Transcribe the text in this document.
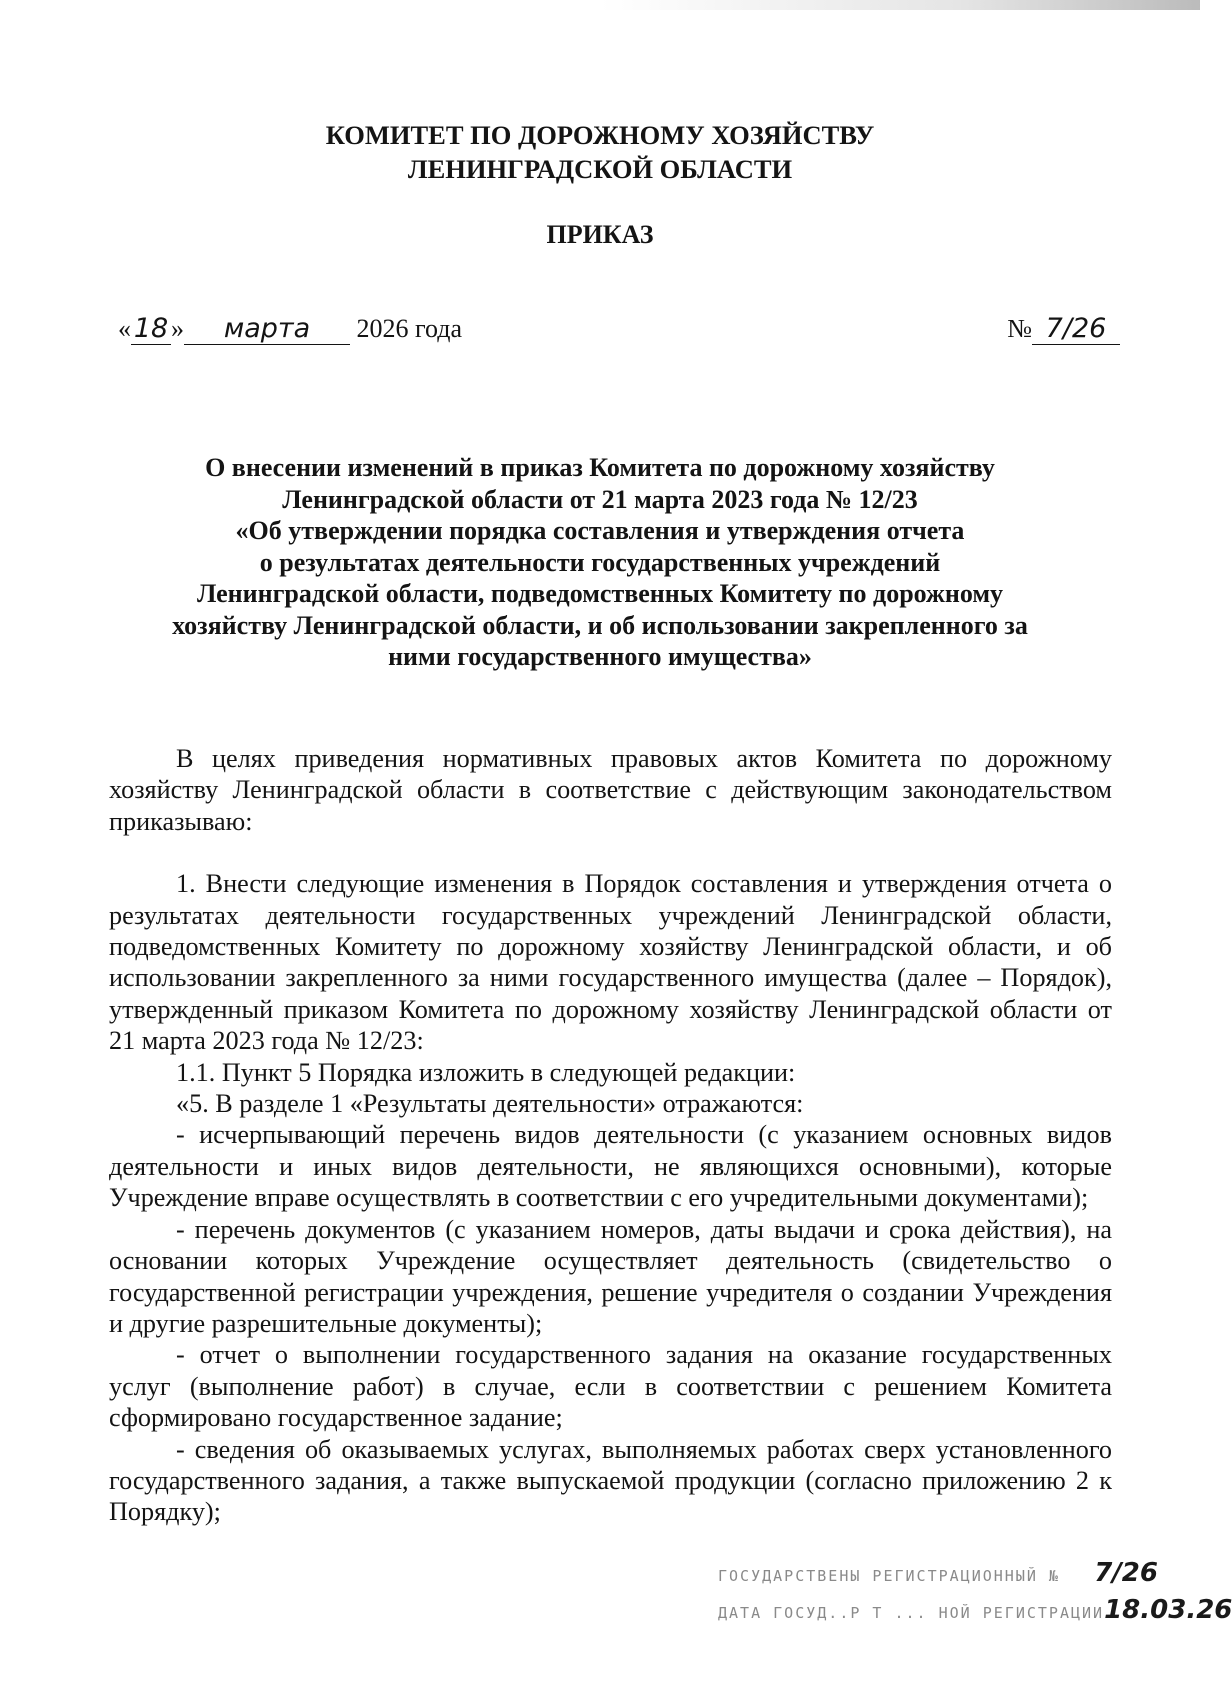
КОМИТЕТ ПО ДОРОЖНОМУ ХОЗЯЙСТВУ
ЛЕНИНГРАДСКОЙ ОБЛАСТИ
ПРИКАЗ
« 18 » марта 2026 года	№ 7/26
О внесении изменений в приказ Комитета по дорожному хозяйству
Ленинградской области от 21 марта 2023 года № 12/23
«Об утверждении порядка составления и утверждения отчета
о результатах деятельности государственных учреждений
Ленинградской области, подведомственных Комитету по дорожному
хозяйству Ленинградской области, и об использовании закрепленного за
ними государственного имущества»

В целях приведения нормативных правовых актов Комитета по дорожному хозяйству Ленинградской области в соответствие с действующим законодательством приказываю:

1. Внести следующие изменения в Порядок составления и утверждения отчета о результатах деятельности государственных учреждений Ленинградской области, подведомственных Комитету по дорожному хозяйству Ленинградской области, и об использовании закрепленного за ними государственного имущества (далее – Порядок), утвержденный приказом Комитета по дорожному хозяйству Ленинградской области от 21 марта 2023 года № 12/23:

1.1. Пункт 5 Порядка изложить в следующей редакции:

«5. В разделе 1 «Результаты деятельности» отражаются:

- исчерпывающий перечень видов деятельности (с указанием основных видов деятельности и иных видов деятельности, не являющихся основными), которые Учреждение вправе осуществлять в соответствии с его учредительными документами);

- перечень документов (с указанием номеров, даты выдачи и срока действия), на основании которых Учреждение осуществляет деятельность (свидетельство о государственной регистрации учреждения, решение учредителя о создании Учреждения и другие разрешительные документы);

- отчет о выполнении государственного задания на оказание государственных услуг (выполнение работ) в случае, если в соответствии с решением Комитета сформировано государственное задание;

- сведения об оказываемых услугах, выполняемых работах сверх установленного государственного задания, а также выпускаемой продукции (согласно приложению 2 к Порядку);

ГОСУДАРСТВЕНЫ РЕГИСТРАЦИОННЫЙ № 7/26
ДАТА ГОСУД..Р Т ... НОЙ РЕГИСТРАЦИИ 18.03.26
